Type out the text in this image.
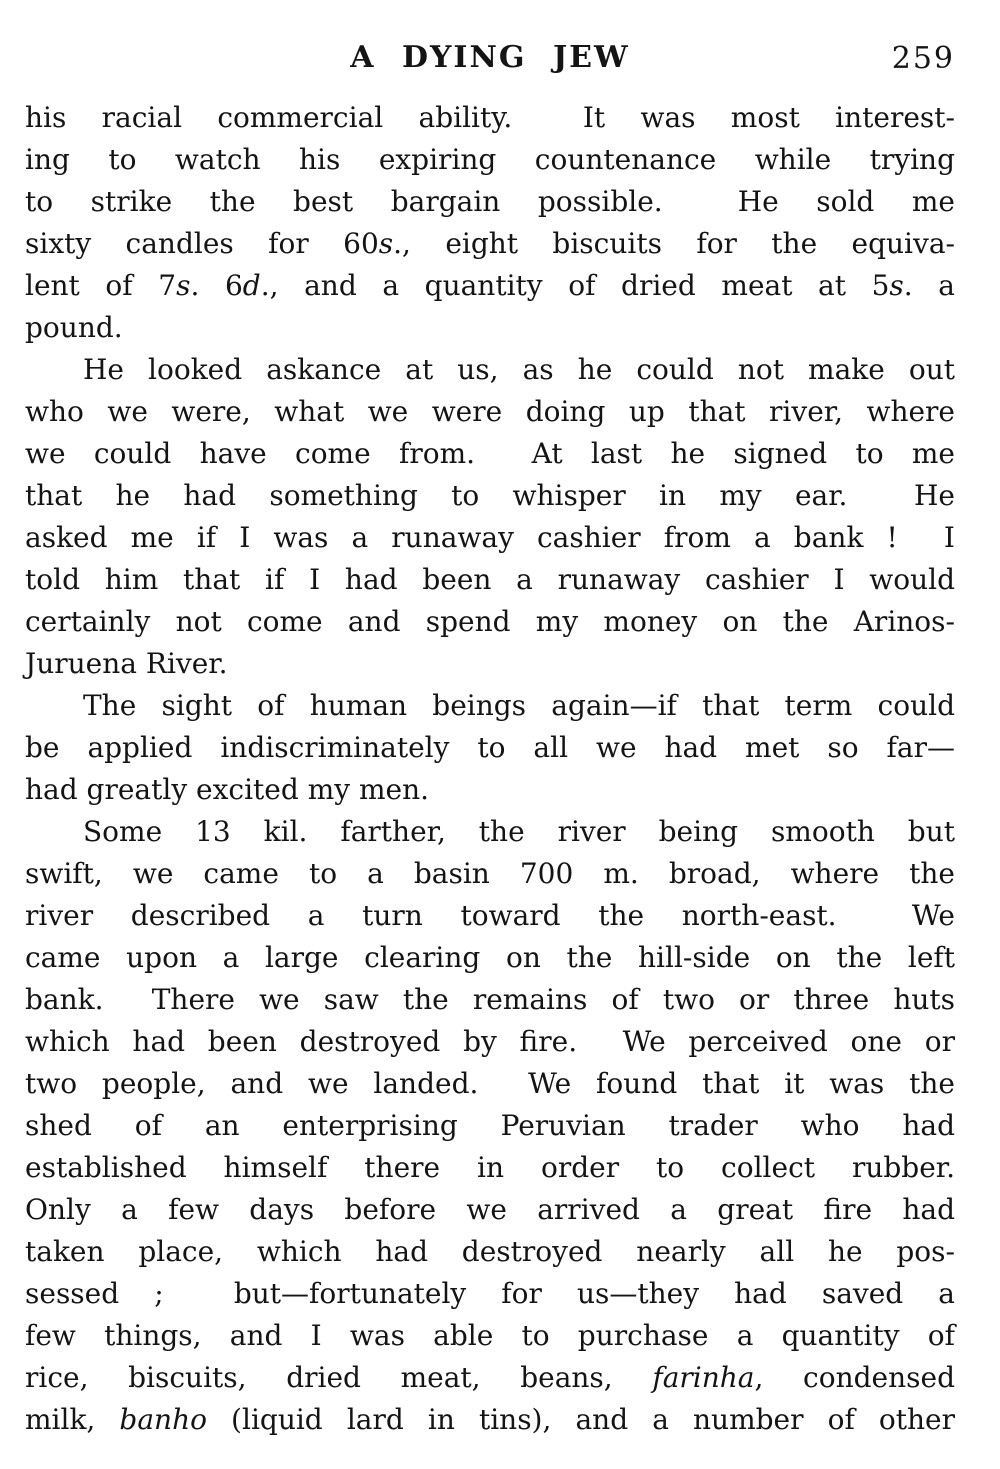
A DYING JEW	259
his racial commercial ability.  It was most interest-
ing to watch his expiring countenance while trying
to strike the best bargain possible.  He sold me
sixty candles for 60s., eight biscuits for the equiva-
lent of 7s. 6d., and a quantity of dried meat at 5s. a
pound.
He looked askance at us, as he could not make out
who we were, what we were doing up that river, where
we could have come from.  At last he signed to me
that he had something to whisper in my ear.  He
asked me if I was a runaway cashier from a bank !  I
told him that if I had been a runaway cashier I would
certainly not come and spend my money on the Arinos-
Juruena River.
The sight of human beings again—if that term could
be applied indiscriminately to all we had met so far—
had greatly excited my men.
Some 13 kil. farther, the river being smooth but
swift, we came to a basin 700 m. broad, where the
river described a turn toward the north-east.  We
came upon a large clearing on the hill-side on the left
bank.  There we saw the remains of two or three huts
which had been destroyed by fire.  We perceived one or
two people, and we landed.  We found that it was the
shed of an enterprising Peruvian trader who had
established himself there in order to collect rubber.
Only a few days before we arrived a great fire had
taken place, which had destroyed nearly all he pos-
sessed ;  but—fortunately for us—they had saved a
few things, and I was able to purchase a quantity of
rice, biscuits, dried meat, beans, farinha, condensed
milk, banho (liquid lard in tins), and a number of other
